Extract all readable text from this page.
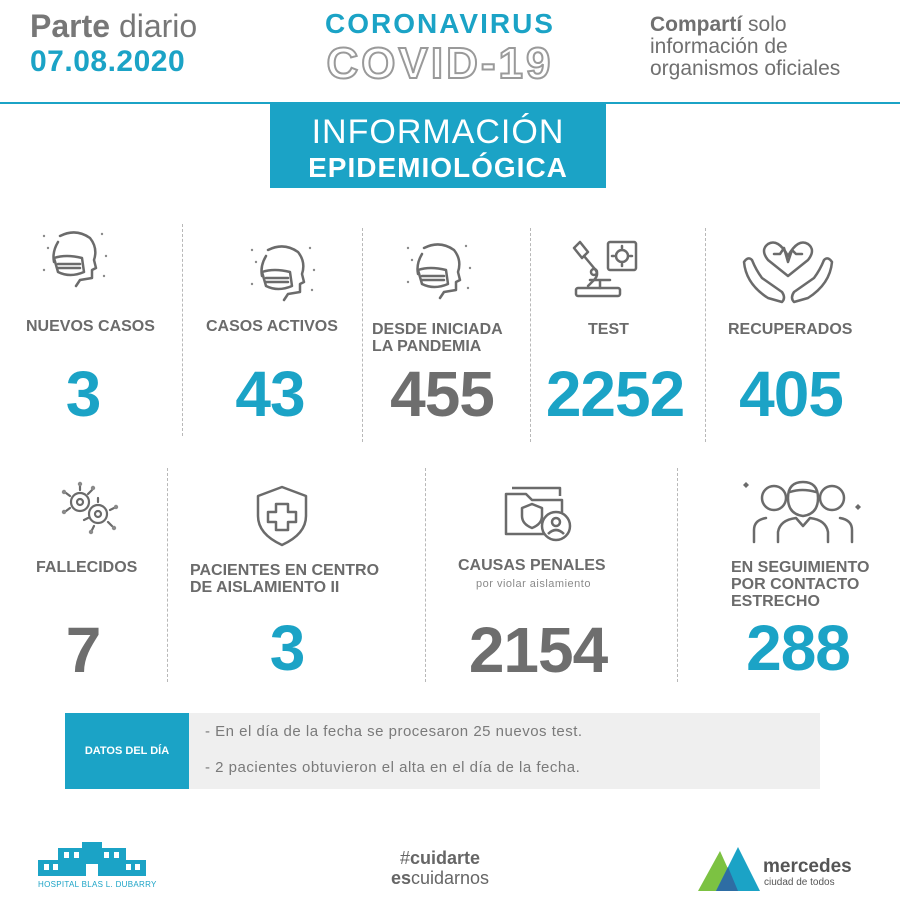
Parte diario
07.08.2020
CORONAVIRUS
COVID-19
Compartí solo
información de
organismos oficiales
INFORMACIÓN
EPIDEMIOLÓGICA
NUEVOS CASOS
3
CASOS ACTIVOS
43
DESDE INICIADA
LA PANDEMIA
455
TEST
2252
RECUPERADOS
405
FALLECIDOS
7
PACIENTES EN CENTRO
DE AISLAMIENTO II
3
CAUSAS PENALES
por violar aislamiento
2154
EN SEGUIMIENTO
POR CONTACTO
ESTRECHO
288
DATOS DEL DÍA
- En el día de la fecha se procesaron 25 nuevos test.
- 2 pacientes obtuvieron el alta en el día de la fecha.
HOSPITAL BLAS L. DUBARRY
#cuidarte
escuidarnos
mercedes
ciudad de todos
